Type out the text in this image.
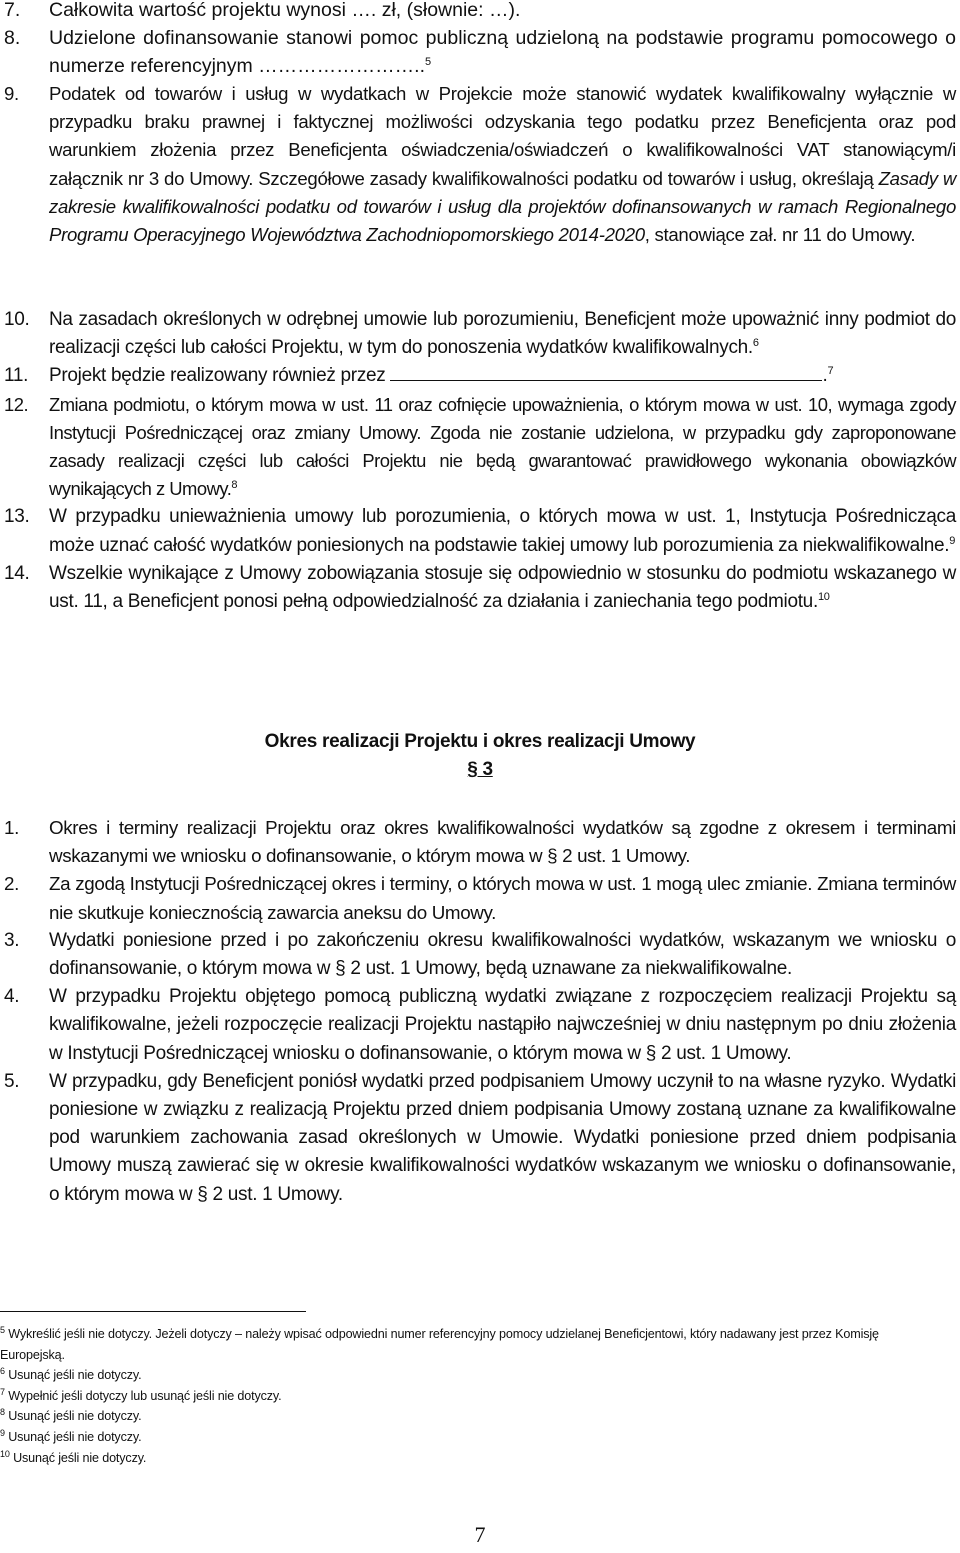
7. Całkowita wartość projektu wynosi …. zł, (słownie: …).
8. Udzielone dofinansowanie stanowi pomoc publiczną udzieloną na podstawie programu pomocowego o numerze referencyjnym ……………………..$^5$
9. Podatek od towarów i usług w wydatkach w Projekcie może stanowić wydatek kwalifikowalny wyłącznie w przypadku braku prawnej i faktycznej możliwości odzyskania tego podatku przez Beneficjenta oraz pod warunkiem złożenia przez Beneficjenta oświadczenia/oświadczeń o kwalifikowalności VAT stanowiącym/i załącznik nr 3 do Umowy. Szczegółowe zasady kwalifikowalności podatku od towarów i usług, określają Zasady w zakresie kwalifikowalności podatku od towarów i usług dla projektów dofinansowanych w ramach Regionalnego Programu Operacyjnego Województwa Zachodniopomorskiego 2014-2020, stanowiące zał. nr 11 do Umowy.
10. Na zasadach określonych w odrębnej umowie lub porozumieniu, Beneficjent może upoważnić inny podmiot do realizacji części lub całości Projektu, w tym do ponoszenia wydatków kwalifikowalnych.$^6$
11. Projekt będzie realizowany również przez	.$^7$
12. Zmiana podmiotu, o którym mowa w ust. 11 oraz cofnięcie upoważnienia, o którym mowa w ust. 10, wymaga zgody Instytucji Pośredniczącej oraz zmiany Umowy. Zgoda nie zostanie udzielona, w przypadku gdy zaproponowane zasady realizacji części lub całości Projektu nie będą gwarantować prawidłowego wykonania obowiązków wynikających z Umowy.$^8$
13. W przypadku unieważnienia umowy lub porozumienia, o których mowa w ust. 1, Instytucja Pośrednicząca może uznać całość wydatków poniesionych na podstawie takiej umowy lub porozumienia za niekwalifikowalne.$^9$
14. Wszelkie wynikające z Umowy zobowiązania stosuje się odpowiednio w stosunku do podmiotu wskazanego w ust. 11, a Beneficjent ponosi pełną odpowiedzialność za działania i zaniechania tego podmiotu.$^{10}$
Okres realizacji Projektu i okres realizacji Umowy
§ 3
1. Okres i terminy realizacji Projektu oraz okres kwalifikowalności wydatków są zgodne z okresem i terminami wskazanymi we wniosku o dofinansowanie, o którym mowa w § 2 ust. 1 Umowy.
2. Za zgodą Instytucji Pośredniczącej okres i terminy, o których mowa w ust. 1 mogą ulec zmianie. Zmiana terminów nie skutkuje koniecznością zawarcia aneksu do Umowy.
3. Wydatki poniesione przed i po zakończeniu okresu kwalifikowalności wydatków, wskazanym we wniosku o dofinansowanie, o którym mowa w § 2 ust. 1 Umowy, będą uznawane za niekwalifikowalne.
4. W przypadku Projektu objętego pomocą publiczną wydatki związane z rozpoczęciem realizacji Projektu są kwalifikowalne, jeżeli rozpoczęcie realizacji Projektu nastąpiło najwcześniej w dniu następnym po dniu złożenia w Instytucji Pośredniczącej wniosku o dofinansowanie, o którym mowa w § 2 ust. 1 Umowy.
5. W przypadku, gdy Beneficjent poniósł wydatki przed podpisaniem Umowy uczynił to na własne ryzyko. Wydatki poniesione w związku z realizacją Projektu przed dniem podpisania Umowy zostaną uznane za kwalifikowalne pod warunkiem zachowania zasad określonych w Umowie. Wydatki poniesione przed dniem podpisania Umowy muszą zawierać się w okresie kwalifikowalności wydatków wskazanym we wniosku o dofinansowanie, o którym mowa w § 2 ust. 1 Umowy.
$^5$ Wykreślić jeśli nie dotyczy. Jeżeli dotyczy – należy wpisać odpowiedni numer referencyjny pomocy udzielanej Beneficjentowi, który nadawany jest przez Komisję Europejską.
$^6$ Usunąć jeśli nie dotyczy.
$^7$ Wypełnić jeśli dotyczy lub usunąć jeśli nie dotyczy.
$^8$ Usunąć jeśli nie dotyczy.
$^9$ Usunąć jeśli nie dotyczy.
$^{10}$ Usunąć jeśli nie dotyczy.
7
